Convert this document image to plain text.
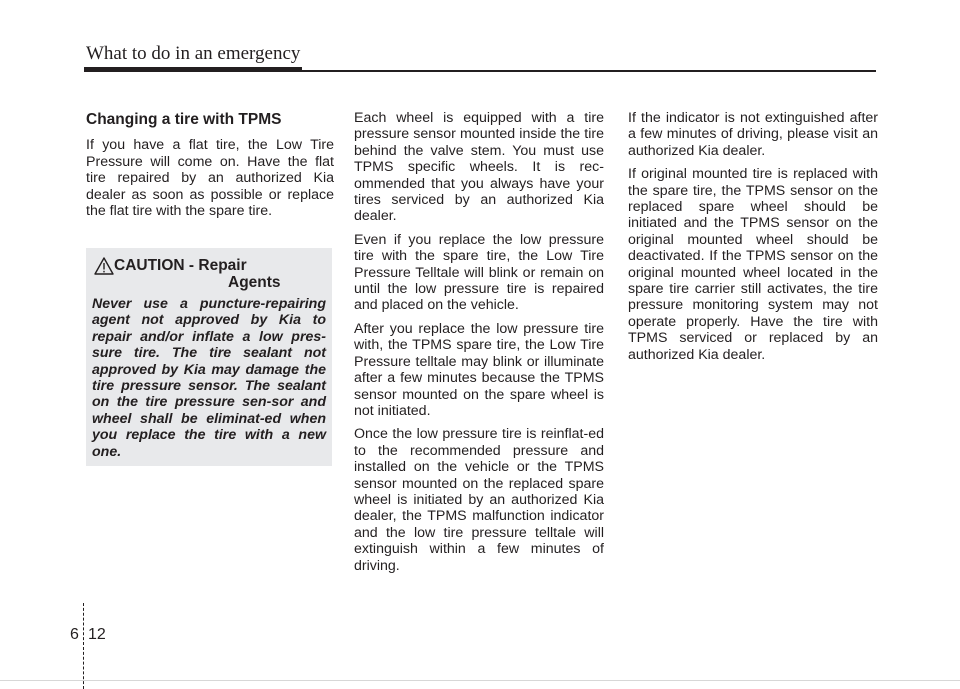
What to do in an emergency
Changing a tire with TPMS

If you have a flat tire, the Low Tire Pressure will come on. Have the flat tire repaired by an authorized Kia dealer as soon as possible or replace the flat tire with the spare tire.

CAUTION - Repair
Agents
Never use a puncture-repairing agent not approved by Kia to repair and/or inflate a low pres-sure tire. The tire sealant not approved by Kia may damage the tire pressure sensor. The sealant on the tire pressure sen-sor and wheel shall be eliminat-ed when you replace the tire with a new one.

Each wheel is equipped with a tire pressure sensor mounted inside the tire behind the valve stem. You must use TPMS specific wheels. It is rec-ommended that you always have your tires serviced by an authorized Kia dealer.

Even if you replace the low pressure tire with the spare tire, the Low Tire Pressure Telltale will blink or remain on until the low pressure tire is repaired and placed on the vehicle.

After you replace the low pressure tire with, the TPMS spare tire, the Low Tire Pressure telltale may blink or illuminate after a few minutes because the TPMS sensor mounted on the spare wheel is not initiated.

Once the low pressure tire is reinflat-ed to the recommended pressure and installed on the vehicle or the TPMS sensor mounted on the replaced spare wheel is initiated by an authorized Kia dealer, the TPMS malfunction indicator and the low tire pressure telltale will extinguish within a few minutes of driving.

If the indicator is not extinguished after a few minutes of driving, please visit an authorized Kia dealer.

If original mounted tire is replaced with the spare tire, the TPMS sensor on the replaced spare wheel should be initiated and the TPMS sensor on the original mounted wheel should be deactivated. If the TPMS sensor on the original mounted wheel located in the spare tire carrier still activates, the tire pressure monitoring system may not operate properly. Have the tire with TPMS serviced or replaced by an authorized Kia dealer.

6 12
